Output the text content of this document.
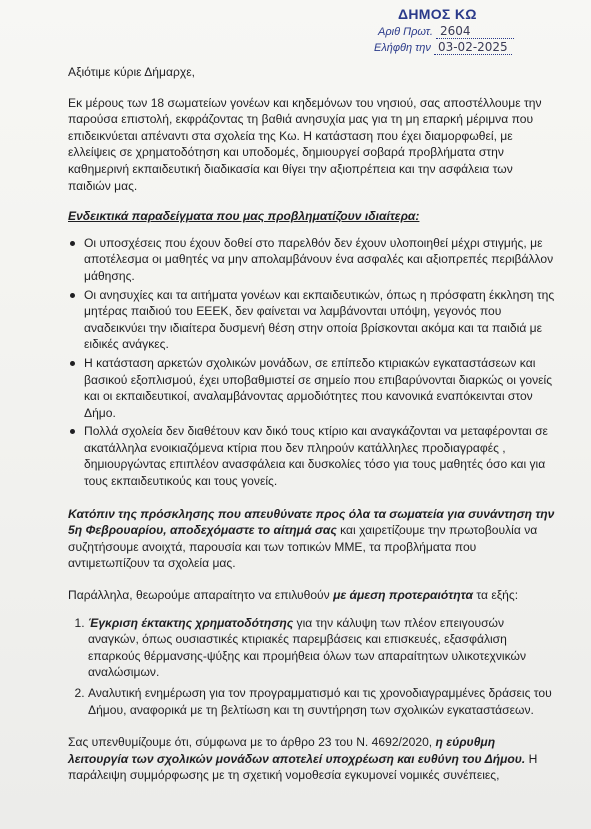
ΔΗΜΟΣ ΚΩ
Αριθ Πρωτ. 2604
Ελήφθη την 03-02-2025

Αξιότιμε κύριε Δήμαρχε,

Εκ μέρους των 18 σωματείων γονέων και κηδεμόνων του νησιού, σας αποστέλλουμε την παρούσα επιστολή, εκφράζοντας τη βαθιά ανησυχία μας για τη μη επαρκή μέριμνα που επιδεικνύεται απέναντι στα σχολεία της Κω. Η κατάσταση που έχει διαμορφωθεί, με ελλείψεις σε χρηματοδότηση και υποδομές, δημιουργεί σοβαρά προβλήματα στην καθημερινή εκπαιδευτική διαδικασία και θίγει την αξιοπρέπεια και την ασφάλεια των παιδιών μας.

Ενδεικτικά παραδείγματα που μας προβληματίζουν ιδιαίτερα:

Οι υποσχέσεις που έχουν δοθεί στο παρελθόν δεν έχουν υλοποιηθεί μέχρι στιγμής, με αποτέλεσμα οι μαθητές να μην απολαμβάνουν ένα ασφαλές και αξιοπρεπές περιβάλλον μάθησης.
Οι ανησυχίες και τα αιτήματα γονέων και εκπαιδευτικών, όπως η πρόσφατη έκκληση της μητέρας παιδιού του ΕΕΕΚ, δεν φαίνεται να λαμβάνονται υπόψη, γεγονός που αναδεικνύει την ιδιαίτερα δυσμενή θέση στην οποία βρίσκονται ακόμα και τα παιδιά με ειδικές ανάγκες.
Η κατάσταση αρκετών σχολικών μονάδων, σε επίπεδο κτιριακών εγκαταστάσεων και βασικού εξοπλισμού, έχει υποβαθμιστεί σε σημείο που επιβαρύνονται διαρκώς οι γονείς και οι εκπαιδευτικοί, αναλαμβάνοντας αρμοδιότητες που κανονικά εναπόκεινται στον Δήμο.
Πολλά σχολεία δεν διαθέτουν καν δικό τους κτίριο και αναγκάζονται να μεταφέρονται σε ακατάλληλα ενοικιαζόμενα κτίρια που δεν πληρούν κατάλληλες προδιαγραφές , δημιουργώντας επιπλέον ανασφάλεια και δυσκολίες τόσο για τους μαθητές όσο και για τους εκπαιδευτικούς και τους γονείς.

Κατόπιν της πρόσκλησης που απευθύνατε προς όλα τα σωματεία για συνάντηση την 5η Φεβρουαρίου, αποδεχόμαστε το αίτημά σας και χαιρετίζουμε την πρωτοβουλία να συζητήσουμε ανοιχτά, παρουσία και των τοπικών ΜΜΕ, τα προβλήματα που αντιμετωπίζουν τα σχολεία μας.

Παράλληλα, θεωρούμε απαραίτητο να επιλυθούν με άμεση προτεραιότητα τα εξής:

1. Έγκριση έκτακτης χρηματοδότησης για την κάλυψη των πλέον επειγουσών αναγκών, όπως ουσιαστικές κτιριακές παρεμβάσεις και επισκευές, εξασφάλιση επαρκούς θέρμανσης-ψύξης και προμήθεια όλων των απαραίτητων υλικοτεχνικών αναλώσιμων.
2. Αναλυτική ενημέρωση για τον προγραμματισμό και τις χρονοδιαγραμμένες δράσεις του Δήμου, αναφορικά με τη βελτίωση και τη συντήρηση των σχολικών εγκαταστάσεων.

Σας υπενθυμίζουμε ότι, σύμφωνα με το άρθρο 23 του Ν. 4692/2020, η εύρυθμη λειτουργία των σχολικών μονάδων αποτελεί υποχρέωση και ευθύνη του Δήμου. Η παράλειψη συμμόρφωσης με τη σχετική νομοθεσία εγκυμονεί νομικές συνέπειες,
